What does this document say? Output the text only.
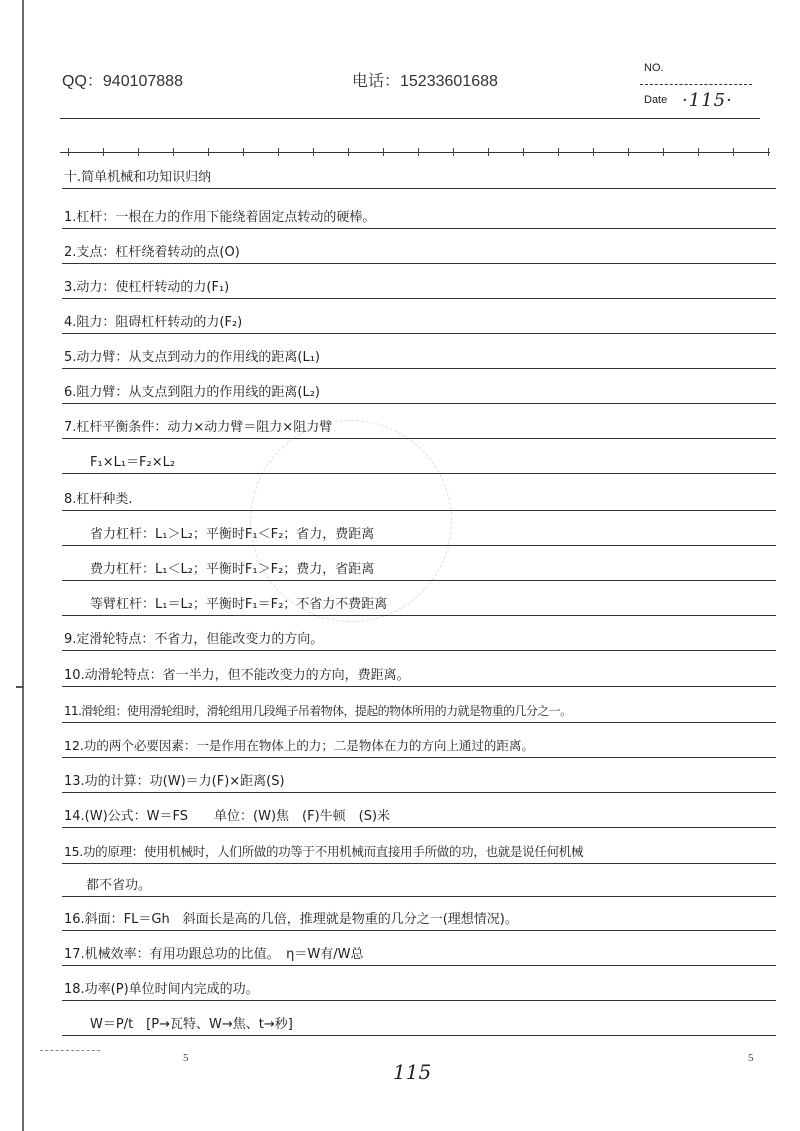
QQ：940107888	电话：15233601688
NO.
Date ·115·
十.简单机械和功知识归纳
1.杠杆：一根在力的作用下能绕着固定点转动的硬棒。
2.支点：杠杆绕着转动的点(O)
3.动力：使杠杆转动的力(F₁)
4.阻力：阻碍杠杆转动的力(F₂)
5.动力臂：从支点到动力的作用线的距离(L₁)
6.阻力臂：从支点到阻力的作用线的距离(L₂)
7.杠杆平衡条件：动力×动力臂＝阻力×阻力臂
F₁×L₁＝F₂×L₂
8.杠杆种类.
省力杠杆：L₁＞L₂；平衡时F₁＜F₂；省力，费距离
费力杠杆：L₁＜L₂；平衡时F₁＞F₂；费力，省距离
等臂杠杆：L₁＝L₂；平衡时F₁＝F₂；不省力不费距离
9.定滑轮特点：不省力，但能改变力的方向。
10.动滑轮特点：省一半力，但不能改变力的方向，费距离。
11.滑轮组：使用滑轮组时，滑轮组用几段绳子吊着物体，提起的物体所用的力就是物重的几分之一。
12.功的两个必要因素：一是作用在物体上的力；二是物体在力的方向上通过的距离。
13.功的计算：功(W)＝力(F)×距离(S)
14.(W)公式：W＝FS　　单位：(W)焦　(F)牛顿　(S)米
15.功的原理：使用机械时，人们所做的功等于不用机械而直接用手所做的功，也就是说任何机械
都不省功。
16.斜面：FL＝Gh　斜面长是高的几倍，推理就是物重的几分之一(理想情况)。
17.机械效率：有用功跟总功的比值。　η＝W有/W总
18.功率(P)单位时间内完成的功。
W＝P/t　[P→瓦特、W→焦、t→秒]
5
115
5
